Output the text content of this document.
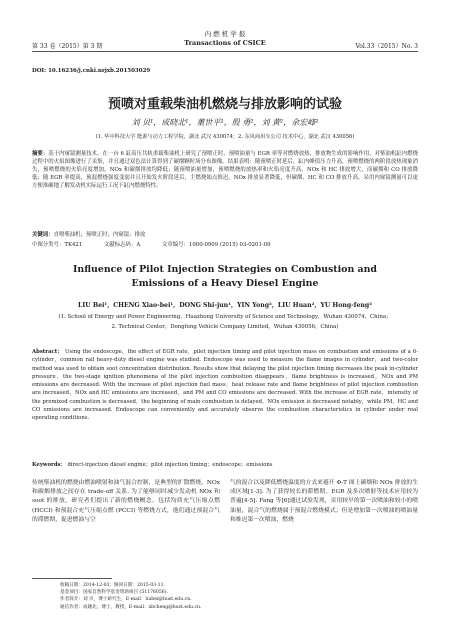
第 33 卷（2015）第 3 期
内 燃 机 学 报
Transactions of CSICE	Vol.33（2015）No. 3
DOI: 10.16236/j.cnki.nrjxb.201503029
预喷对重载柴油机燃烧与排放影响的试验
刘 贝¹，成晓北¹，董世平¹，殷 勇²，刘 黄²，余宏峰²
(1. 华中科技大学 能源与动力工程学院，湖北 武汉 430074；2. 东风商用车公司 技术中心，湖北 武汉 430056)
摘要：基于内窥镜测量技术，在一台 6 缸高压共轨重载柴油机上研究了预喷正时、预喷油量与 EGR 率等对燃烧放热、排放物生成的影响作用。对柴油机缸内燃烧过程中的火焰图像进行了采集，并且通过双色法计算得到了碳烟颗粒场分布图像。结果表明：随预喷正时延后，缸内峰值压力升高，预喷燃烧的两阶段放热现象消失，预喷燃烧的火焰亮度增加，NOx 和碳烟排放均降低；随预喷油量增加，预喷燃烧的放热率和火焰亮度升高，NOx 和 HC 排放增大，而碳烟和 CO 排放降低；随 EGR 率提高，预混燃烧强度变弱并且开始发火阶段延后，主燃烧始点推迟，NOx 排放显著降低，但碳烟、HC 和 CO 排放升高。采用内窥镜测量可以更方便准确地了解发动机实际运行工况下缸内燃烧特性。
关键词：直喷柴油机；预喷正时；内窥镜；排放
中图分类号：TK421	文献标志码：A	文章编号：1000-0909 (2015) 03-0201-09
Influence of Pilot Injection Strategies on Combustion and
Emissions of a Heavy Diesel Engine
LIU Bei¹，CHENG Xiao-bei¹，DONG Shi-jun¹，YIN Yong²，LIU Huan²，YU Hong-feng²
(1. School of Energy and Power Engineering，Huazhong University of Science and Technology，Wuhan 430074，China；
2. Technical Center，Dongfeng Vehicle Company Limited，Wuhan 430056，China)
Abstract： Using the endoscope，the effect of EGR rate，pilot injection timing and pilot injection mass on combustion and emissions of a 6-cylinder，common rail heavy-duty diesel engine was studied. Endoscope was used to measure the flame images in cylinder，and two-color method was used to obtain soot concentration distribution. Results show that delaying the pilot injection timing decreases the peak in-cylinder pressure，the two-stage ignition phenomena of the pilot injection combustion disappears，flame brightness is increased，NOx and PM emissions are decreased. With the increase of pilot injection fuel mass，heat release rate and flame brightness of pilot injection combustion are increased，NOx and HC emissions are increased，and PM and CO emissions are decreased. With the increase of EGR rate，intensity of the premixed combustion is decreased，the beginning of main combustion is delayed，NOx emission is decreased notably，while PM，HC and CO emissions are increased. Endoscope can conveniently and accurately observe the combustion characteristics in cylinder under real operating conditions.
Keywords： direct-injection diesel engine；pilot injection timing；endoscope；emissions
传统柴油机的燃烧由燃油喷射和油气混合控制，是典型的扩散燃烧，NOx 和碳烟排放之间存在 trade-off 关系. 为了能够同时减少发动机 NOx 和 soot 的排放，研究者们提出了新的燃烧概念，包括均质充气压缩点燃 (HCCI) 和预混合充气压缩点燃 (PCCI) 等燃烧方式，他们通过预混合气的滞燃期，促进燃油与空
气的混合以及降低燃烧温度的方式来避开 Φ-T 图上碳烟和 NOx 排放的生成区域[1-3]. 为了获得较长的滞燃期，EGR 及多次喷射等技术应用较为普遍[4-5]. Fang 等[6]通过试验发现，采用较早的第一次喷油和较小的喷油量，混合气的燃烧属于预混合燃烧模式；但是增加第一次喷油的喷油量和推迟第一次喷油，燃烧
收稿日期：2014-12-03；修回日期：2015-03-11.
基金项目：国家自然科学基金资助项目 (51176056).
作者简介：刘 贝，博士研究生，E-mail：liubei@hust.edu.cn.
通信作者：成晓北，博士，教授，E-mail：xbcheng@hust.edu.cn.
